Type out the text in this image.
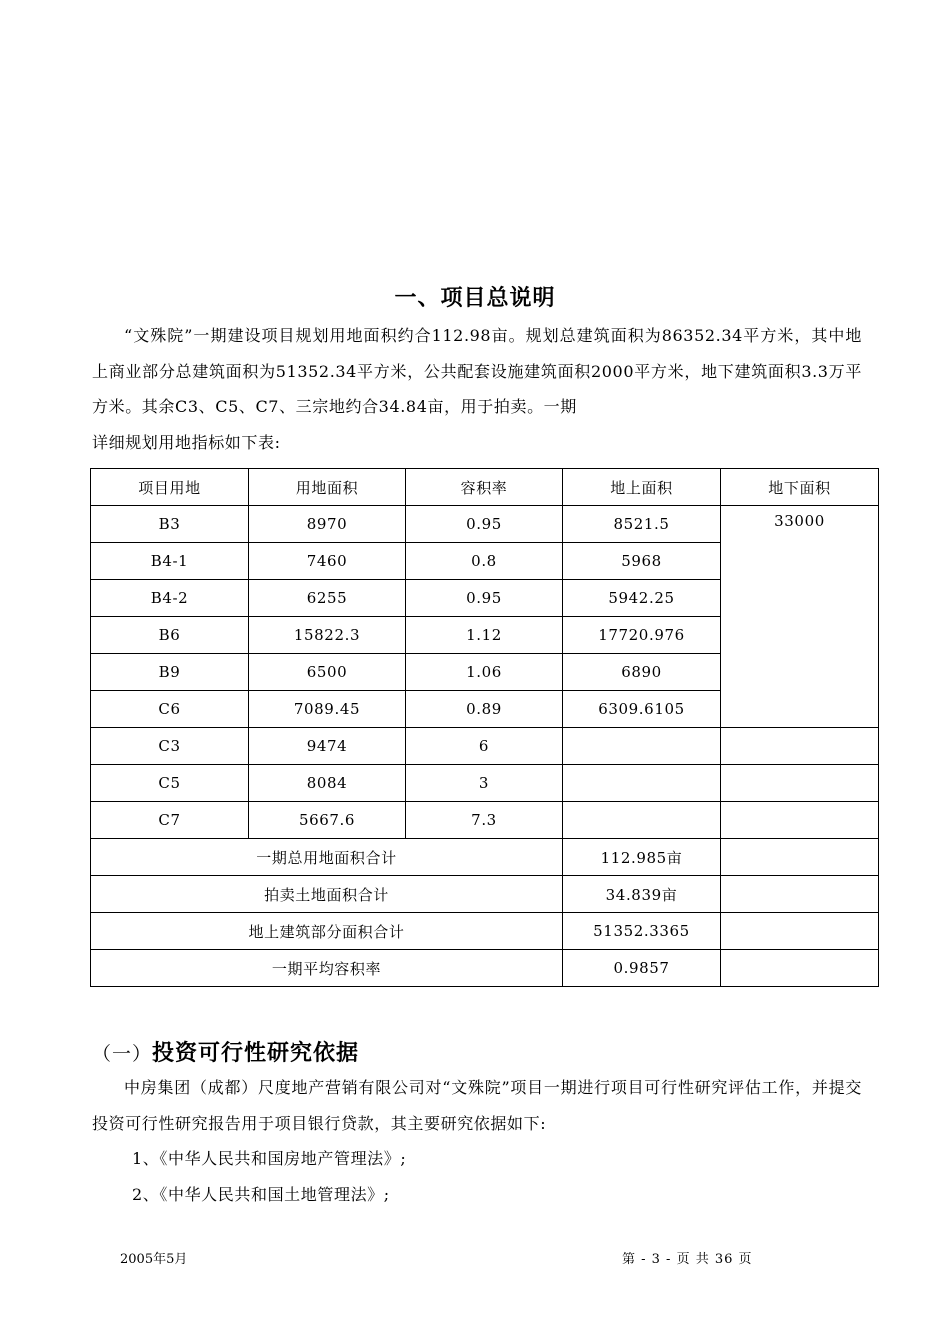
一、项目总说明

“文殊院”一期建设项目规划用地面积约合112.98亩。规划总建筑面积为86352.34平方米，其中地上商业部分总建筑面积为51352.34平方米，公共配套设施建筑面积2000平方米，地下建筑面积3.3万平方米。其余C3、C5、C7、三宗地约合34.84亩，用于拍卖。一期

详细规划用地指标如下表:

项目用地	用地面积	容积率	地上面积	地下面积
B3	8970	0.95	8521.5	33000
B4-1	7460	0.8	5968	
B4-2	6255	0.95	5942.25	
B6	15822.3	1.12	17720.976	
B9	6500	1.06	6890	
C6	7089.45	0.89	6309.6105	
C3	9474	6		
C5	8084	3		
C7	5667.6	7.3		
一期总用地面积合计			112.985亩	
拍卖土地面积合计			34.839亩	
地上建筑部分面积合计			51352.3365	
一期平均容积率			0.9857	
（一）投资可行性研究依据

中房集团（成都）尺度地产营销有限公司对“文殊院”项目一期进行项目可行性研究评估工作，并提交投资可行性研究报告用于项目银行贷款，其主要研究依据如下:

1、《中华人民共和国房地产管理法》;

2、《中华人民共和国土地管理法》;

2005年5月	第 - 3 - 页 共 36 页
